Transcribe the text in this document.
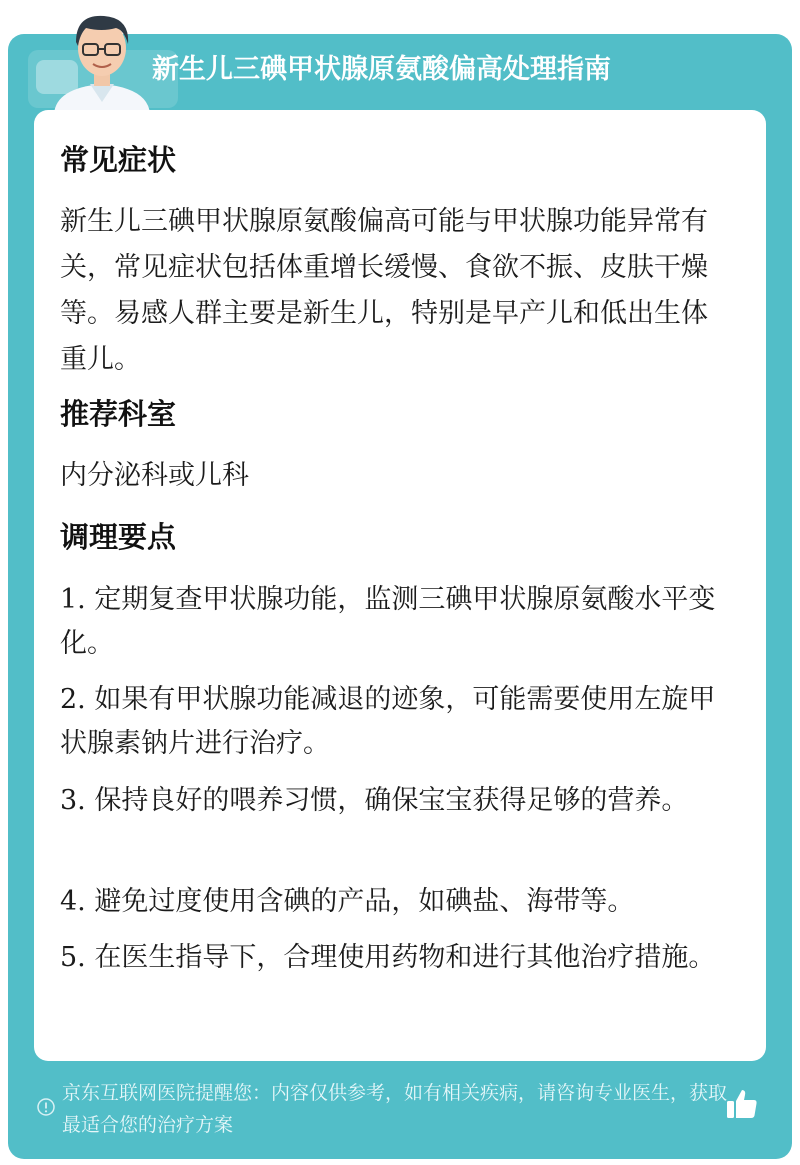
新生儿三碘甲状腺原氨酸偏高处理指南
常见症状
新生儿三碘甲状腺原氨酸偏高可能与甲状腺功能异常有关，常见症状包括体重增长缓慢、食欲不振、皮肤干燥等。易感人群主要是新生儿，特别是早产儿和低出生体重儿。
推荐科室
内分泌科或儿科
调理要点
1. 定期复查甲状腺功能，监测三碘甲状腺原氨酸水平变化。
2. 如果有甲状腺功能减退的迹象，可能需要使用左旋甲状腺素钠片进行治疗。
3. 保持良好的喂养习惯，确保宝宝获得足够的营养。
4. 避免过度使用含碘的产品，如碘盐、海带等。
5. 在医生指导下，合理使用药物和进行其他治疗措施。
京东互联网医院提醒您：内容仅供参考，如有相关疾病，请咨询专业医生，获取最适合您的治疗方案
